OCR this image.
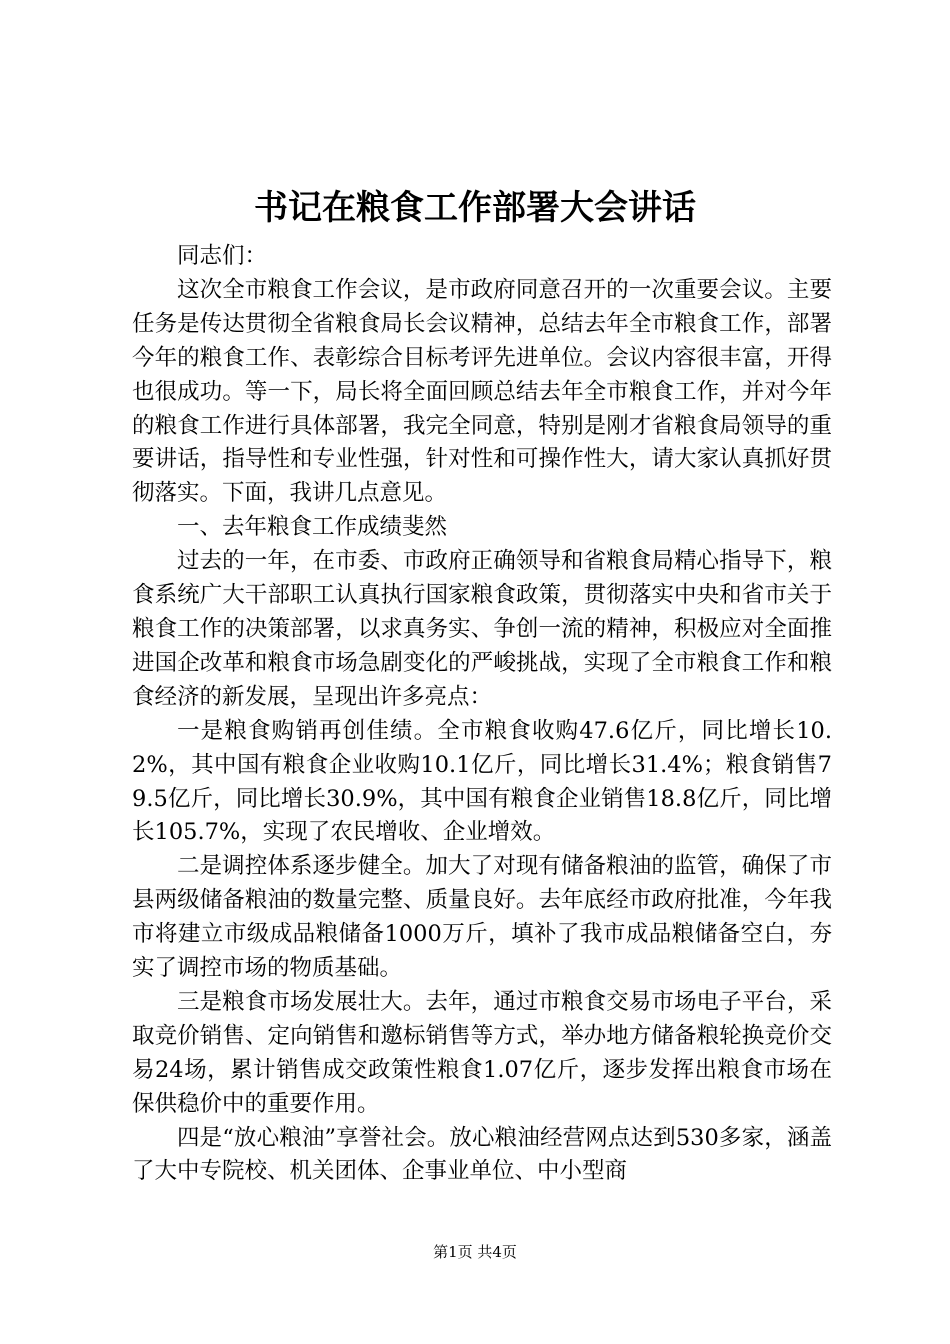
书记在粮食工作部署大会讲话

同志们：

这次全市粮食工作会议，是市政府同意召开的一次重要会议。主要任务是传达贯彻全省粮食局长会议精神，总结去年全市粮食工作，部署今年的粮食工作、表彰综合目标考评先进单位。会议内容很丰富，开得也很成功。等一下，局长将全面回顾总结去年全市粮食工作，并对今年的粮食工作进行具体部署，我完全同意，特别是刚才省粮食局领导的重要讲话，指导性和专业性强，针对性和可操作性大，请大家认真抓好贯彻落实。下面，我讲几点意见。

一、去年粮食工作成绩斐然

过去的一年，在市委、市政府正确领导和省粮食局精心指导下，粮食系统广大干部职工认真执行国家粮食政策，贯彻落实中央和省市关于粮食工作的决策部署，以求真务实、争创一流的精神，积极应对全面推进国企改革和粮食市场急剧变化的严峻挑战，实现了全市粮食工作和粮食经济的新发展，呈现出许多亮点：

一是粮食购销再创佳绩。全市粮食收购47.6亿斤，同比增长10.2%，其中国有粮食企业收购10.1亿斤，同比增长31.4%；粮食销售79.5亿斤，同比增长30.9%，其中国有粮食企业销售18.8亿斤，同比增长105.7%，实现了农民增收、企业增效。

二是调控体系逐步健全。加大了对现有储备粮油的监管，确保了市县两级储备粮油的数量完整、质量良好。去年底经市政府批准，今年我市将建立市级成品粮储备1000万斤，填补了我市成品粮储备空白，夯实了调控市场的物质基础。

三是粮食市场发展壮大。去年，通过市粮食交易市场电子平台，采取竞价销售、定向销售和邀标销售等方式，举办地方储备粮轮换竞价交易24场，累计销售成交政策性粮食1.07亿斤，逐步发挥出粮食市场在保供稳价中的重要作用。

四是“放心粮油”享誉社会。放心粮油经营网点达到530多家，涵盖了大中专院校、机关团体、企事业单位、中小型商

第1页 共4页
